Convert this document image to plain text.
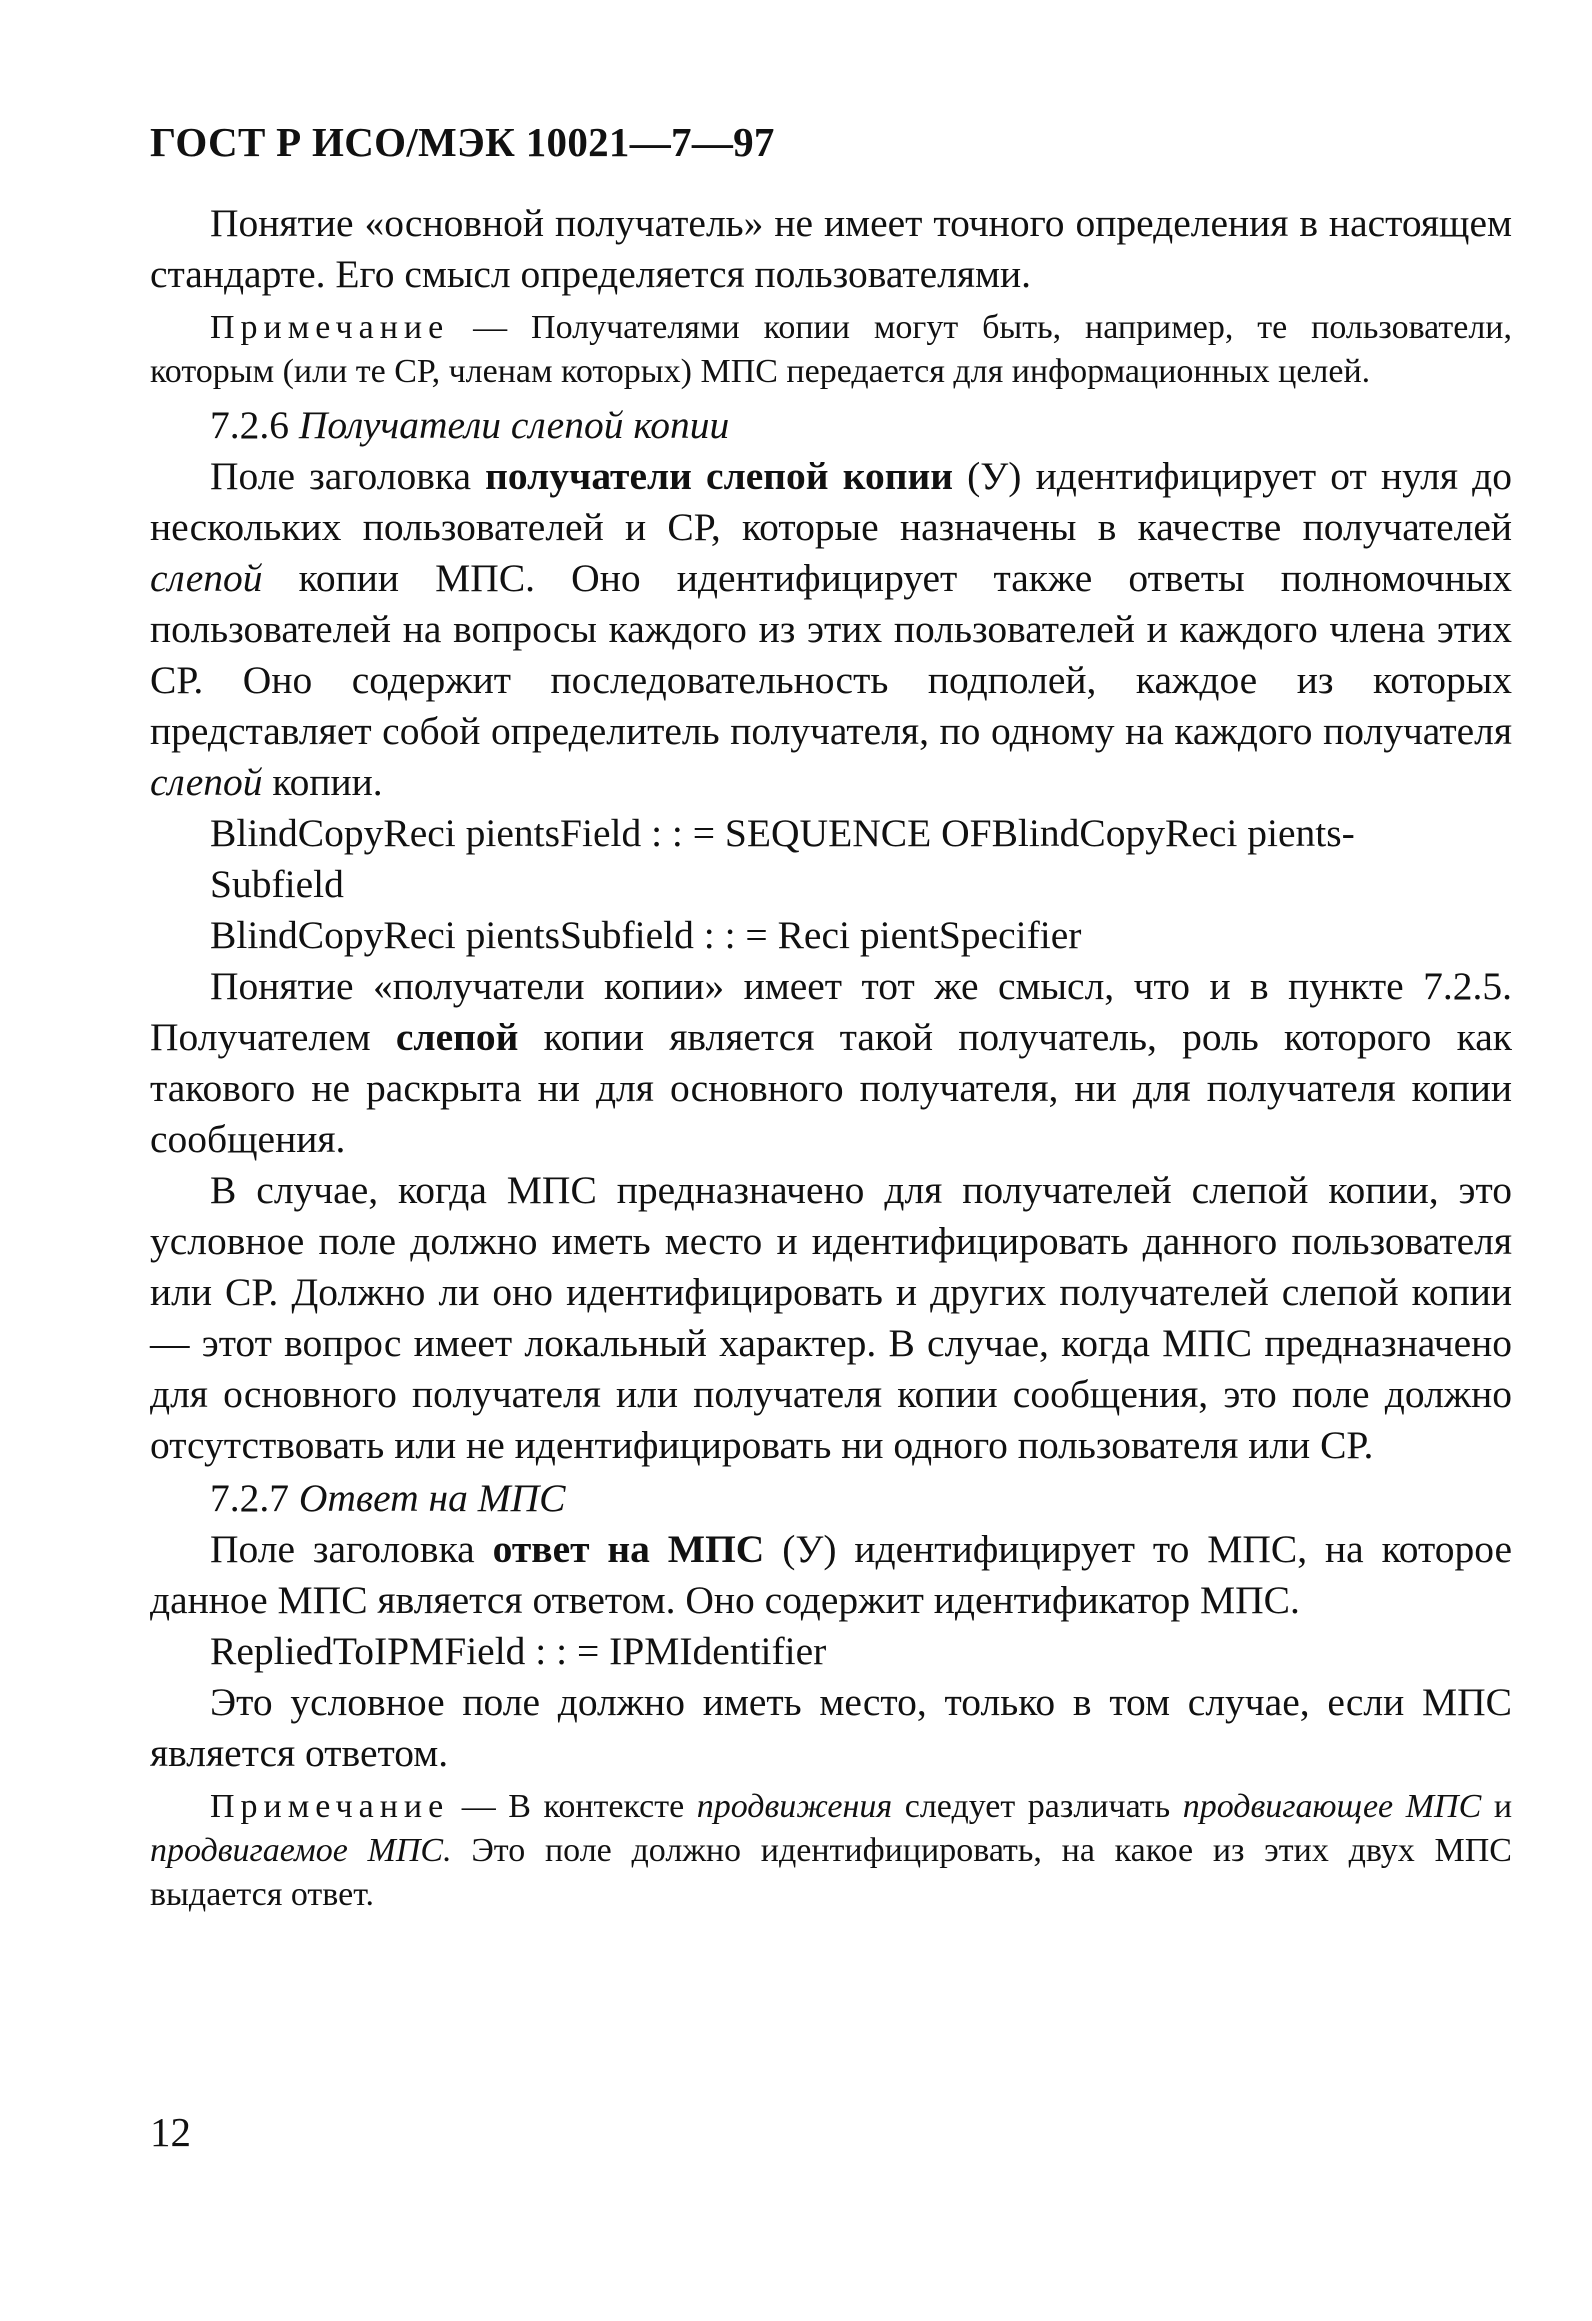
ГОСТ Р ИСО/МЭК 10021—7—97

Понятие «основной получатель» не имеет точного определения в настоящем стандарте. Его смысл определяется пользователями.

Примечание — Получателями копии могут быть, например, те пользователи, которым (или те СР, членам которых) МПС передается для информационных целей.

7.2.6 Получатели слепой копии

Поле заголовка получатели слепой копии (У) идентифицирует от нуля до нескольких пользователей и СР, которые назначены в качестве получателей слепой копии МПС. Оно идентифицирует также ответы полномочных пользователей на вопросы каждого из этих пользователей и каждого члена этих СР. Оно содержит последовательность подполей, каждое из которых представляет собой определитель получателя, по одному на каждого получателя слепой копии.

BlindCopyReci pientsField : : = SEQUENCE OFBlindCopyReci pients-

Subfield

BlindCopyReci pientsSubfield : : = Reci pientSpecifier

Понятие «получатели копии» имеет тот же смысл, что и в пункте 7.2.5. Получателем слепой копии является такой получатель, роль которого как такового не раскрыта ни для основного получателя, ни для получателя копии сообщения.

В случае, когда МПС предназначено для получателей слепой копии, это условное поле должно иметь место и идентифицировать данного пользователя или СР. Должно ли оно идентифицировать и других получателей слепой копии — этот вопрос имеет локальный характер. В случае, когда МПС предназначено для основного получателя или получателя копии сообщения, это поле должно отсутствовать или не идентифицировать ни одного пользователя или СР.

7.2.7 Ответ на МПС

Поле заголовка ответ на МПС (У) идентифицирует то МПС, на которое данное МПС является ответом. Оно содержит идентификатор МПС.

RepliedToIPMField : : = IPMIdentifier

Это условное поле должно иметь место, только в том случае, если МПС является ответом.

Примечание — В контексте продвижения следует различать продвигающее МПС и продвигаемое МПС. Это поле должно идентифицировать, на какое из этих двух МПС выдается ответ.

12
